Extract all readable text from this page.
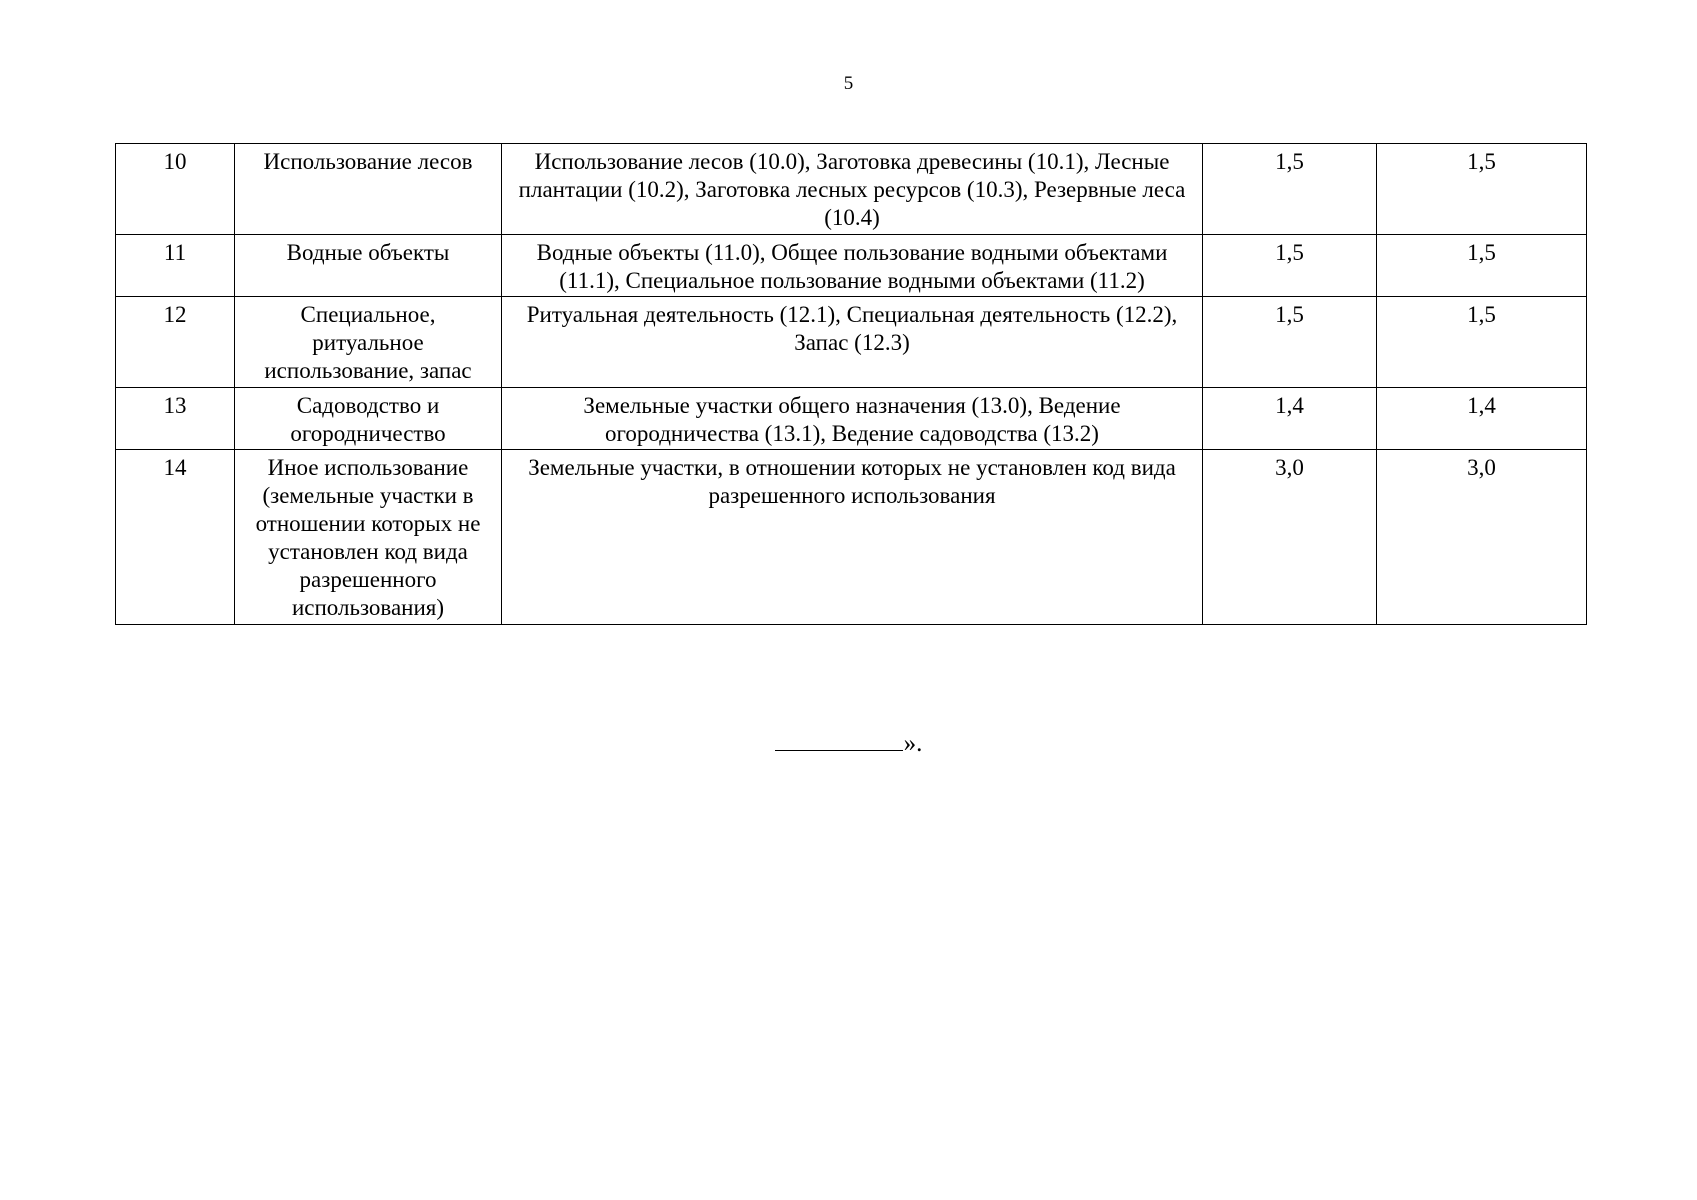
5
10	Использование лесов	Использование лесов (10.0), Заготовка древесины (10.1), Лесные плантации (10.2), Заготовка лесных ресурсов (10.3), Резервные леса (10.4)	1,5	1,5
11	Водные объекты	Водные объекты (11.0), Общее пользование водными объектами (11.1), Специальное пользование водными объектами (11.2)	1,5	1,5
12	Специальное, ритуальное использование, запас	Ритуальная деятельность (12.1), Специальная деятельность (12.2), Запас (12.3)	1,5	1,5
13	Садоводство и огородничество	Земельные участки общего назначения (13.0), Ведение огородничества (13.1), Ведение садоводства (13.2)	1,4	1,4
14	Иное использование (земельные участки в отношении которых не установлен код вида разрешенного использования)	Земельные участки, в отношении которых не установлен код вида разрешенного использования	3,0	3,0
».
